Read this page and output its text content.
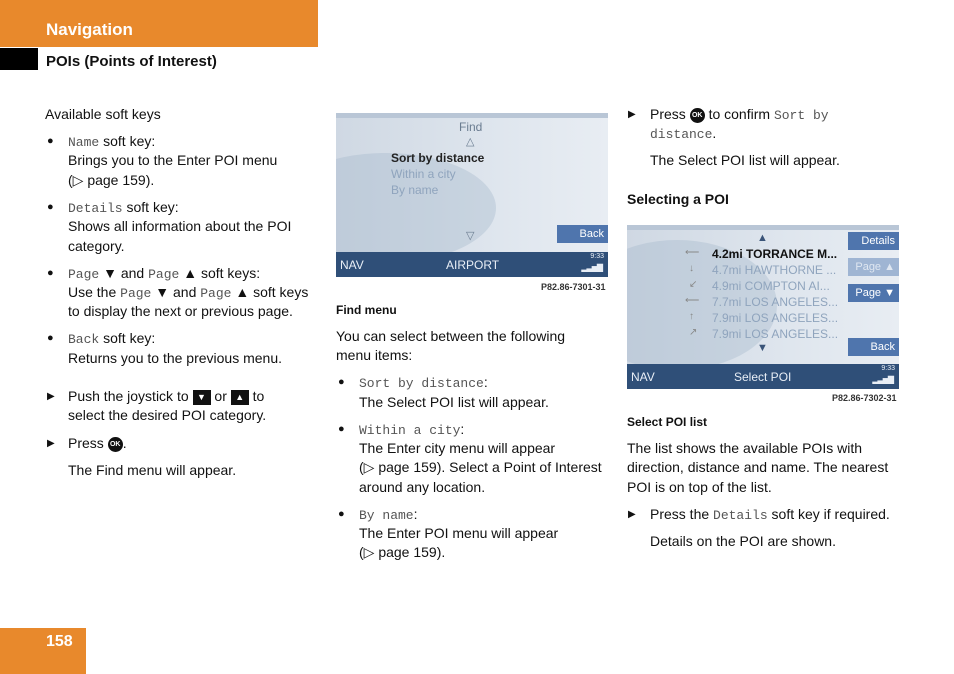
Navigation
POIs (Points of Interest)
Available soft keys
● Name soft key:
Brings you to the Enter POI menu
(▷ page 159).
● Details soft key:
Shows all information about the POI
category.
● Page ▼ and Page ▲ soft keys:
Use the Page ▼ and Page ▲ soft keys
to display the next or previous page.
● Back soft key:
Returns you to the previous menu.
▶ Push the joystick to ▼ or ▲ to
select the desired POI category.
▶ Press OK .
The Find menu will appear.
Find
△
Sort by distance
Within a city
By name
▽	Back
NAV	AIRPORT
9:33
▂▃▅▇
P82.86-7301-31
Find menu
You can select between the following
menu items:
● Sort by distance:
The Select POI list will appear.
● Within a city:
The Enter city menu will appear
(▷ page 159). Select a Point of Interest
around any location.
● By name:
The Enter POI menu will appear
(▷ page 159).
▶ Press OK to confirm Sort by
distance.
The Select POI list will appear.
Selecting a POI
▲
⟵ 4.2mi TORRANCE M...
↓ 4.7mi HAWTHORNE ...
↙ 4.9mi COMPTON AI...
⟵ 7.7mi LOS ANGELES...
↑ 7.9mi LOS ANGELES...
↗ 7.9mi LOS ANGELES...
▼
Details
Page ▲
Page ▼
Back
NAV	Select POI
9:33
▂▃▅▇
P82.86-7302-31
Select POI list
The list shows the available POIs with
direction, distance and name. The nearest
POI is on top of the list.
▶ Press the Details soft key if required.
Details on the POI are shown.
158
